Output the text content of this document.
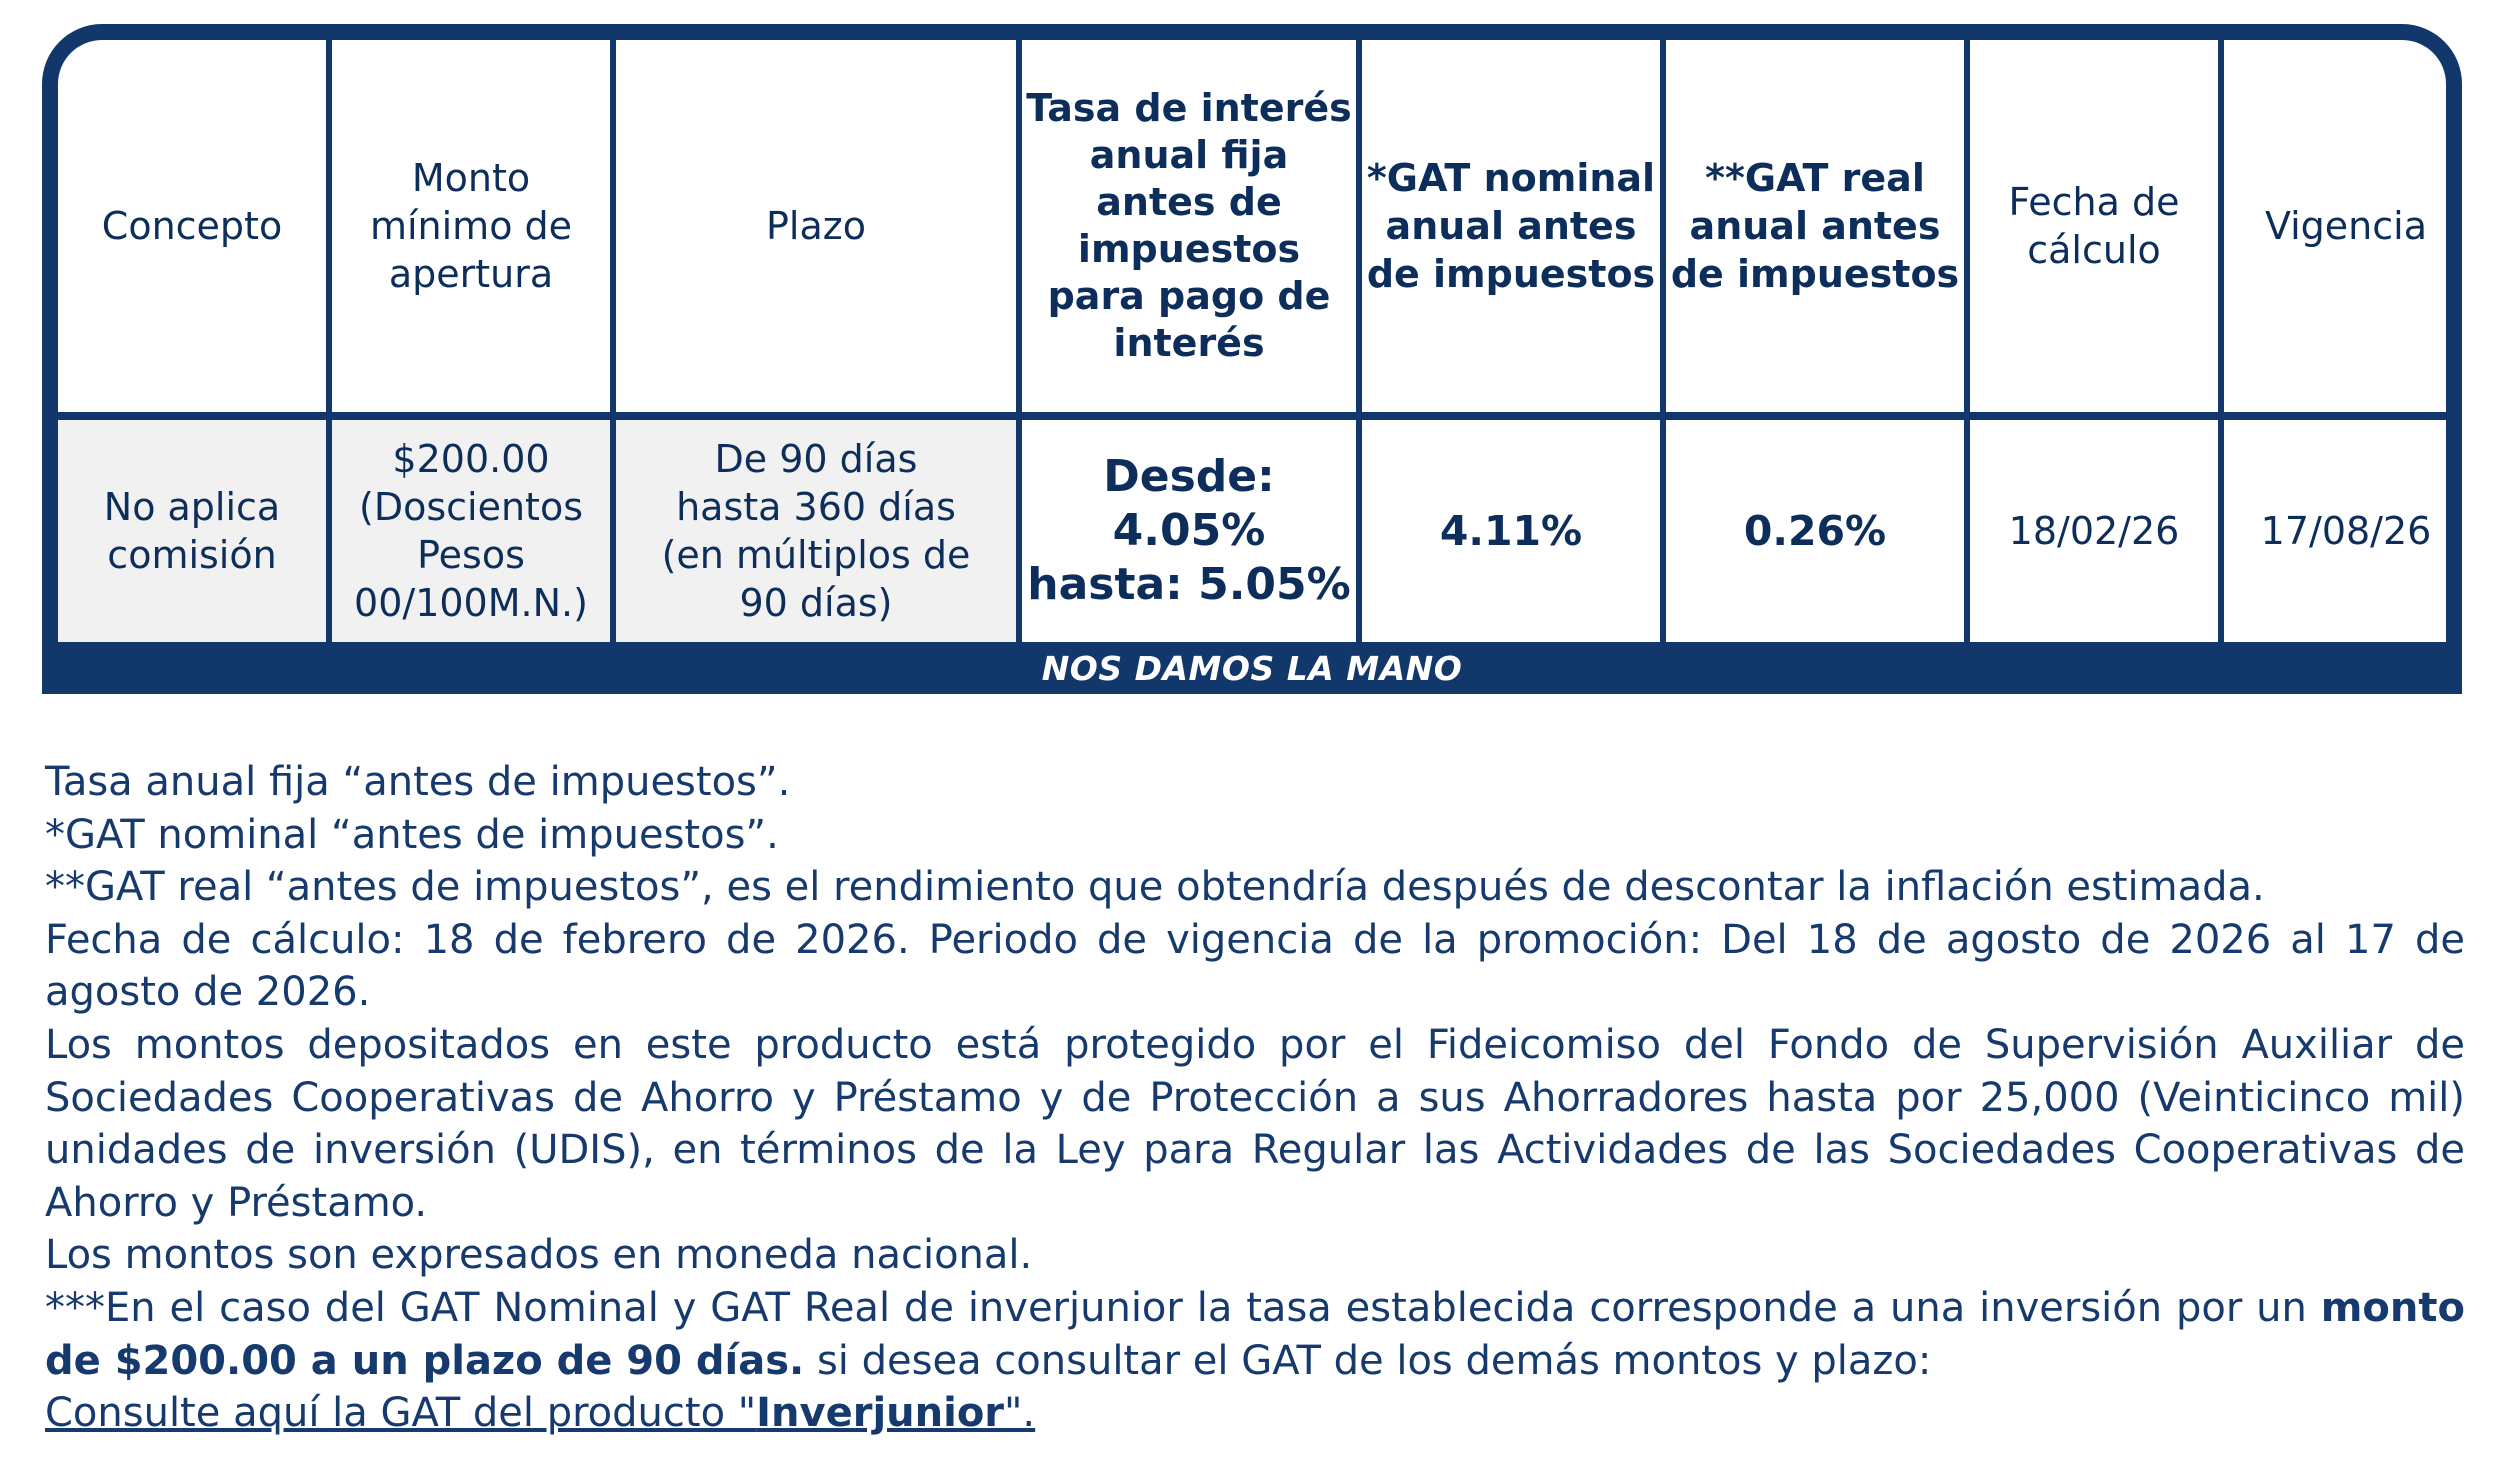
Concepto
Monto mínimo de apertura
Plazo
Tasa de interés anual fija antes de impuestos para pago de interés
*GAT nominal anual antes de impuestos
**GAT real anual antes de impuestos
Fecha de cálculo
Vigencia
No aplica comisión
$200.00 (Doscientos Pesos 00/100M.N.)
De 90 días hasta 360 días (en múltiplos de 90 días)
Desde: 4.05%
hasta: 5.05%
4.11%	0.26%	18/02/26 17/08/26
NOS DAMOS LA MANO

Tasa anual fija “antes de impuestos”.

*GAT nominal “antes de impuestos”.

**GAT real “antes de impuestos”, es el rendimiento que obtendría después de descontar la inflación estimada.

Fecha de cálculo: 18 de febrero de 2026. Periodo de vigencia de la promoción: Del 18 de agosto de 2026 al 17 de agosto de 2026.

Los montos depositados en este producto está protegido por el Fideicomiso del Fondo de Supervisión Auxiliar de Sociedades Cooperativas de Ahorro y Préstamo y de Protección a sus Ahorradores hasta por 25,000 (Veinticinco mil) unidades de inversión (UDIS), en términos de la Ley para Regular las Actividades de las Sociedades Cooperativas de Ahorro y Préstamo.

Los montos son expresados en moneda nacional.

***En el caso del GAT Nominal y GAT Real de inverjunior la tasa establecida corresponde a una inversión por un monto de $200.00 a un plazo de 90 días. si desea consultar el GAT de los demás montos y plazo:

Consulte aquí la GAT del producto "Inverjunior".
